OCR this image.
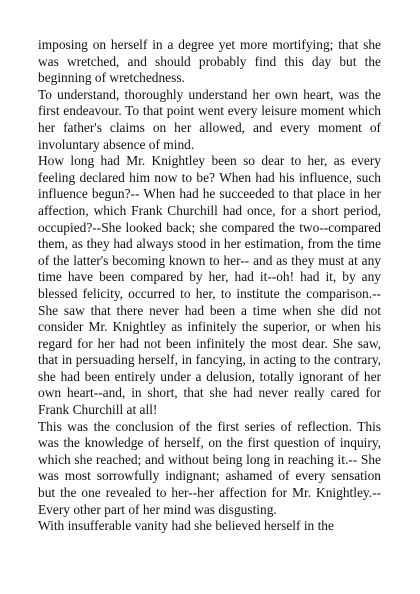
imposing on herself in a degree yet more mortifying; that she was wretched, and should probably find this day but the beginning of wretchedness.

To understand, thoroughly understand her own heart, was the first endeavour. To that point went every leisure moment which her father's claims on her allowed, and every moment of involuntary absence of mind.

How long had Mr. Knightley been so dear to her, as every feeling declared him now to be? When had his influence, such influence begun?-- When had he succeeded to that place in her affection, which Frank Churchill had once, for a short period, occupied?--She looked back; she compared the two--compared them, as they had always stood in her estimation, from the time of the latter's becoming known to her-- and as they must at any time have been compared by her, had it--oh! had it, by any blessed felicity, occurred to her, to institute the comparison.--She saw that there never had been a time when she did not consider Mr. Knightley as infinitely the superior, or when his regard for her had not been infinitely the most dear. She saw, that in persuading herself, in fancying, in acting to the contrary, she had been entirely under a delusion, totally ignorant of her own heart--and, in short, that she had never really cared for Frank Churchill at all!

This was the conclusion of the first series of reflection. This was the knowledge of herself, on the first question of inquiry, which she reached; and without being long in reaching it.-- She was most sorrowfully indignant; ashamed of every sensation but the one revealed to her--her affection for Mr. Knightley.-- Every other part of her mind was disgusting.

With insufferable vanity had she believed herself in the
